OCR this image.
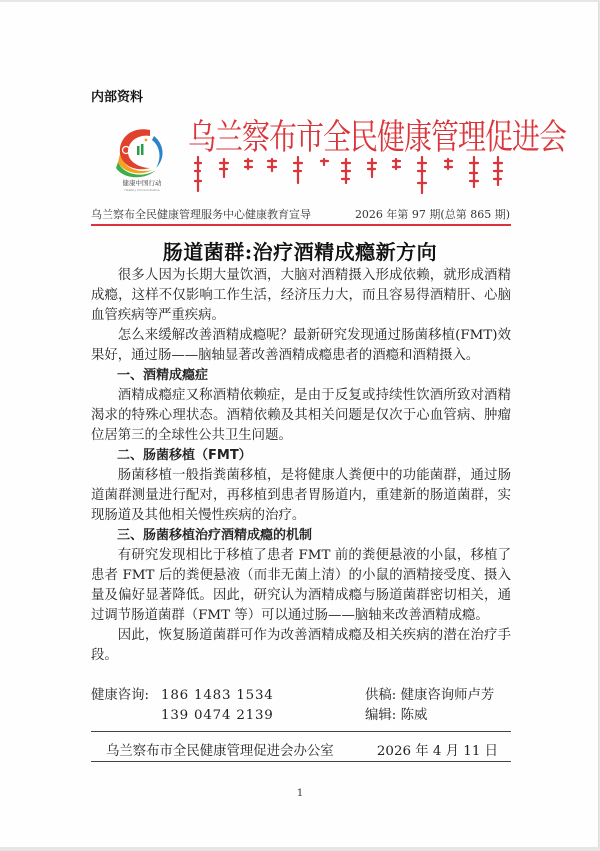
内部资料
健康中国行动
Healthy China Initiative
乌兰察布市全民健康管理促进会
乌兰察布全民健康管理服务中心健康教育宣导	2026 年第 97 期(总第 865 期)
肠道菌群:治疗酒精成瘾新方向

很多人因为长期大量饮酒，大脑对酒精摄入形成依赖，就形成酒精成瘾，这样不仅影响工作生活，经济压力大，而且容易得酒精肝、心脑血管疾病等严重疾病。

怎么来缓解改善酒精成瘾呢？最新研究发现通过肠菌移植(FMT)效果好，通过肠——脑轴显著改善酒精成瘾患者的酒瘾和酒精摄入。

一、酒精成瘾症

酒精成瘾症又称酒精依赖症，是由于反复或持续性饮酒所致对酒精渴求的特殊心理状态。酒精依赖及其相关问题是仅次于心血管病、肿瘤位居第三的全球性公共卫生问题。

二、肠菌移植（FMT）

肠菌移植一般指粪菌移植，是将健康人粪便中的功能菌群，通过肠道菌群测量进行配对，再移植到患者胃肠道内，重建新的肠道菌群，实现肠道及其他相关慢性疾病的治疗。

三、肠菌移植治疗酒精成瘾的机制

有研究发现相比于移植了患者 FMT 前的粪便悬液的小鼠，移植了患者 FMT 后的粪便悬液（而非无菌上清）的小鼠的酒精接受度、摄入量及偏好显著降低。因此，研究认为酒精成瘾与肠道菌群密切相关，通过调节肠道菌群（FMT 等）可以通过肠——脑轴来改善酒精成瘾。

因此，恢复肠道菌群可作为改善酒精成瘾及相关疾病的潜在治疗手段。

健康咨询: 186 1483 1534	供稿: 健康咨询师卢芳
139 0474 2139	编辑: 陈威
乌兰察布市全民健康管理促进会办公室	2026 年 4 月 11 日
1
